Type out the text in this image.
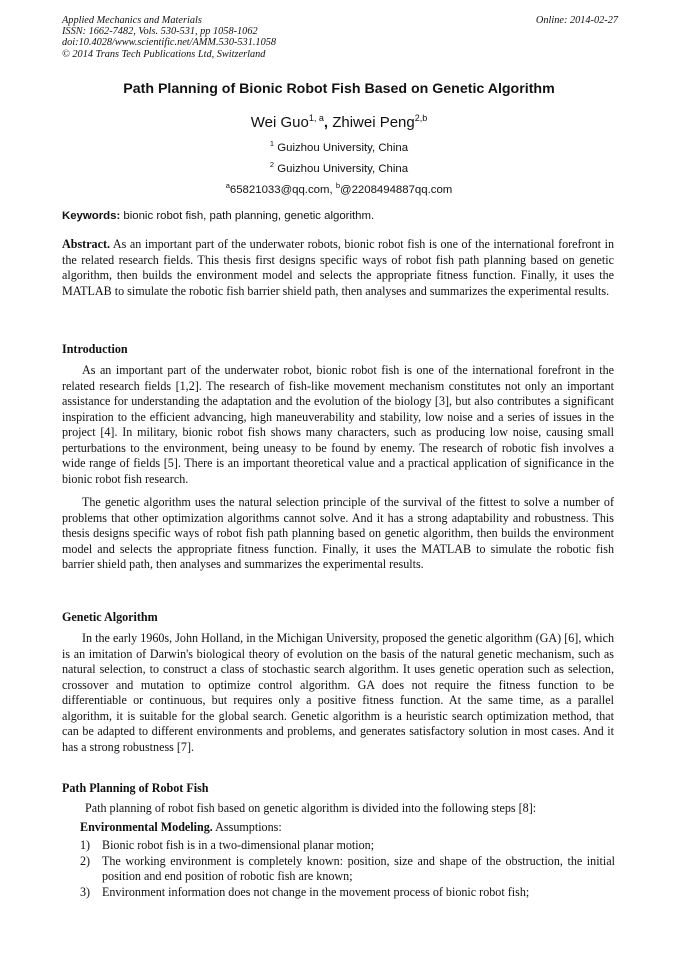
Applied Mechanics and Materials
ISSN: 1662-7482, Vols. 530-531, pp 1058-1062
doi:10.4028/www.scientific.net/AMM.530-531.1058
© 2014 Trans Tech Publications Ltd, Switzerland
Online: 2014-02-27
Path Planning of Bionic Robot Fish Based on Genetic Algorithm
Wei Guo$^{1, a}$, Zhiwei Peng$^{2,b}$
$^1$ Guizhou University, China
$^2$ Guizhou University, China
$^a$65821033@qq.com, $^b$@2208494887qq.com
Keywords: bionic robot fish, path planning, genetic algorithm.
Abstract. As an important part of the underwater robots, bionic robot fish is one of the international forefront in the related research fields. This thesis first designs specific ways of robot fish path planning based on genetic algorithm, then builds the environment model and selects the appropriate fitness function. Finally, it uses the MATLAB to simulate the robotic fish barrier shield path, then analyses and summarizes the experimental results.
Introduction
As an important part of the underwater robot, bionic robot fish is one of the international forefront in the related research fields [1,2]. The research of fish-like movement mechanism constitutes not only an important assistance for understanding the adaptation and the evolution of the biology [3], but also contributes a significant inspiration to the efficient advancing, high maneuverability and stability, low noise and a series of issues in the project [4]. In military, bionic robot fish shows many characters, such as producing low noise, causing small perturbations to the environment, being uneasy to be found by enemy. The research of robotic fish involves a wide range of fields [5]. There is an important theoretical value and a practical application of significance in the bionic robot fish research.
The genetic algorithm uses the natural selection principle of the survival of the fittest to solve a number of problems that other optimization algorithms cannot solve. And it has a strong adaptability and robustness. This thesis designs specific ways of robot fish path planning based on genetic algorithm, then builds the environment model and selects the appropriate fitness function. Finally, it uses the MATLAB to simulate the robotic fish barrier shield path, then analyses and summarizes the experimental results.
Genetic Algorithm
In the early 1960s, John Holland, in the Michigan University, proposed the genetic algorithm (GA) [6], which is an imitation of Darwin's biological theory of evolution on the basis of the natural genetic mechanism, such as natural selection, to construct a class of stochastic search algorithm. It uses genetic operation such as selection, crossover and mutation to optimize control algorithm. GA does not require the fitness function to be differentiable or continuous, but requires only a positive fitness function. At the same time, as a parallel algorithm, it is suitable for the global search. Genetic algorithm is a heuristic search optimization method, that can be adapted to different environments and problems, and generates satisfactory solution in most cases. And it has a strong robustness [7].
Path Planning of Robot Fish
Path planning of robot fish based on genetic algorithm is divided into the following steps [8]:
Environmental Modeling. Assumptions:
1) Bionic robot fish is in a two-dimensional planar motion;
2) The working environment is completely known: position, size and shape of the obstruction, the initial position and end position of robotic fish are known;
3) Environment information does not change in the movement process of bionic robot fish;
